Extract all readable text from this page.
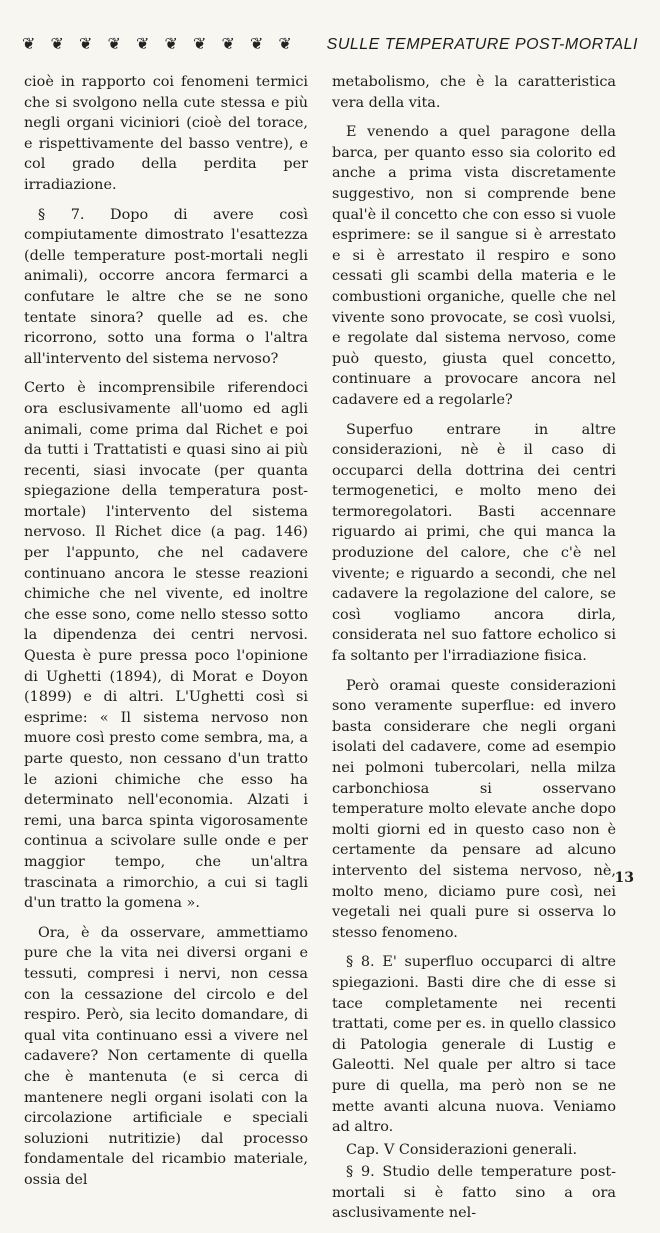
❦ ❦ ❦ ❦ ❦ ❦ ❦ ❦ ❦ ❦ SULLE TEMPERATURE POST-MORTALI

cioè in rapporto coi fenomeni termici che si svolgono nella cute stessa e più negli organi viciniori (cioè del torace, e rispettivamente del basso ventre), e col grado della perdita per irradiazione.

§ 7. Dopo di avere così compiutamente dimostrato l'esattezza (delle temperature post-mortali negli animali), occorre ancora fermarci a confutare le altre che se ne sono tentate sinora? quelle ad es. che ricorrono, sotto una forma o l'altra all'intervento del sistema nervoso?

Certo è incomprensibile riferendoci ora esclusivamente all'uomo ed agli animali, come prima dal Richet e poi da tutti i Trattatisti e quasi sino ai più recenti, siasi invocate (per quanta spiegazione della temperatura post-mortale) l'intervento del sistema nervoso. Il Richet dice (a pag. 146) per l'appunto, che nel cadavere continuano ancora le stesse reazioni chimiche che nel vivente, ed inoltre che esse sono, come nello stesso sotto la dipendenza dei centri nervosi. Questa è pure pressa poco l'opinione di Ughetti (1894), di Morat e Doyon (1899) e di altri. L'Ughetti così si esprime: « Il sistema nervoso non muore così presto come sembra, ma, a parte questo, non cessano d'un tratto le azioni chimiche che esso ha determinato nell'economia. Alzati i remi, una barca spinta vigorosamente continua a scivolare sulle onde e per maggior tempo, che un'altra trascinata a rimorchio, a cui si tagli d'un tratto la gomena ».

Ora, è da osservare, ammettiamo pure che la vita nei diversi organi e tessuti, compresi i nervi, non cessa con la cessazione del circolo e del respiro. Però, sia lecito domandare, di qual vita continuano essi a vivere nel cadavere? Non certamente di quella che è mantenuta (e si cerca di mantenere negli organi isolati con la circolazione artificiale e speciali soluzioni nutritizie) dal processo fondamentale del ricambio materiale, ossia del

metabolismo, che è la caratteristica vera della vita.

E venendo a quel paragone della barca, per quanto esso sia colorito ed anche a prima vista discretamente suggestivo, non si comprende bene qual'è il concetto che con esso si vuole esprimere: se il sangue si è arrestato e si è arrestato il respiro e sono cessati gli scambi della materia e le combustioni organiche, quelle che nel vivente sono provocate, se così vuolsi, e regolate dal sistema nervoso, come può questo, giusta quel concetto, continuare a provocare ancora nel cadavere ed a regolarle?

Superfuo entrare in altre considerazioni, nè è il caso di occuparci della dottrina dei centri termogenetici, e molto meno dei termoregolatori. Basti accennare riguardo ai primi, che qui manca la produzione del calore, che c'è nel vivente; e riguardo a secondi, che nel cadavere la regolazione del calore, se così vogliamo ancora dirla, considerata nel suo fattore echolico si fa soltanto per l'irradiazione fisica.

Però oramai queste considerazioni sono veramente superflue: ed invero basta considerare che negli organi isolati del cadavere, come ad esempio nei polmoni tubercolari, nella milza carbonchiosa si osservano temperature molto elevate anche dopo molti giorni ed in questo caso non è certamente da pensare ad alcuno intervento del sistema nervoso, nè, molto meno, diciamo pure così, nei vegetali nei quali pure si osserva lo stesso fenomeno.

§ 8. E' superfluo occuparci di altre spiegazioni. Basti dire che di esse si tace completamente nei recenti trattati, come per es. in quello classico di Patologia generale di Lustig e Galeotti. Nel quale per altro si tace pure di quella, ma però non se ne mette avanti alcuna nuova. Veniamo ad altro.

Cap. V Considerazioni generali.

§ 9. Studio delle temperature post-mortali si è fatto sino a ora asclusivamente nel-

13
